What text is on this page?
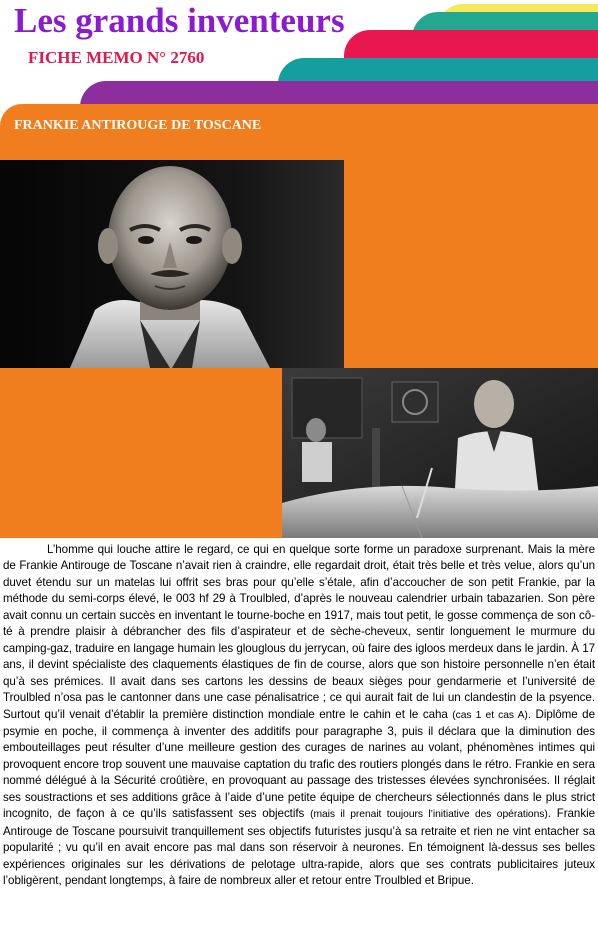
Les grands inventeurs
FICHE MEMO N° 2760
FRANKIE ANTIROUGE DE TOSCANE

L’homme qui louche attire le regard, ce qui en quelque sorte forme un paradoxe surprenant. Mais la mère de Frankie Antirouge de Toscane n’avait rien à craindre, elle regardait droit, était très belle et très velue, alors qu’un duvet étendu sur un matelas lui offrit ses bras pour qu’elle s’étale, afin d’accoucher de son petit Frankie, par la méthode du semi-corps élevé, le 003 hf 29 à Troulbled, d’après le nouveau calendrier urbain tabazarien. Son père avait connu un certain succès en inventant le tourne-boche en 1917, mais tout petit, le gosse commença de son côté à prendre plaisir à débrancher des fils d’aspirateur et de sèche-cheveux, sentir longuement le murmure du camping-gaz, traduire en langage humain les glouglous du jerrycan, où faire des igloos merdeux dans le jardin. À 17 ans, il devint spécialiste des claquements élastiques de fin de course, alors que son histoire personnelle n’en était qu’à ses prémices. Il avait dans ses cartons les dessins de beaux sièges pour gendarmerie et l’université de Troulbled n’osa pas le cantonner dans une case pénalisatrice ; ce qui aurait fait de lui un clandestin de la psyence. Surtout qu’il venait d’établir la première distinction mondiale entre le cahin et le caha (cas 1 et cas A). Diplôme de psymie en poche, il commença à inventer des additifs pour paragraphe 3, puis il déclara que la diminution des embouteillages peut résulter d’une meilleure gestion des curages de narines au volant, phénomènes intimes qui provoquent encore trop souvent une mauvaise captation du trafic des routiers plongés dans le rétro. Frankie en sera nommé délégué à la Sécurité croûtière, en provoquant au passage des tristesses élevées synchronisées. Il réglait ses soustractions et ses additions grâce à l’aide d’une petite équipe de chercheurs sélectionnés dans le plus strict incognito, de façon à ce qu’ils satisfassent ses objectifs (mais il prenait toujours l’initiative des opérations). Frankie Antirouge de Toscane poursuivit tranquillement ses objectifs futuristes jusqu’à sa retraite et rien ne vint entacher sa popularité ; vu qu’il en avait encore pas mal dans son réservoir à neurones. En témoignent là-dessus ses belles expériences originales sur les dérivations de pelotage ultra-rapide, alors que ses contrats publicitaires juteux l’obligèrent, pendant longtemps, à faire de nombreux aller et retour entre Troulbled et Bripue.
